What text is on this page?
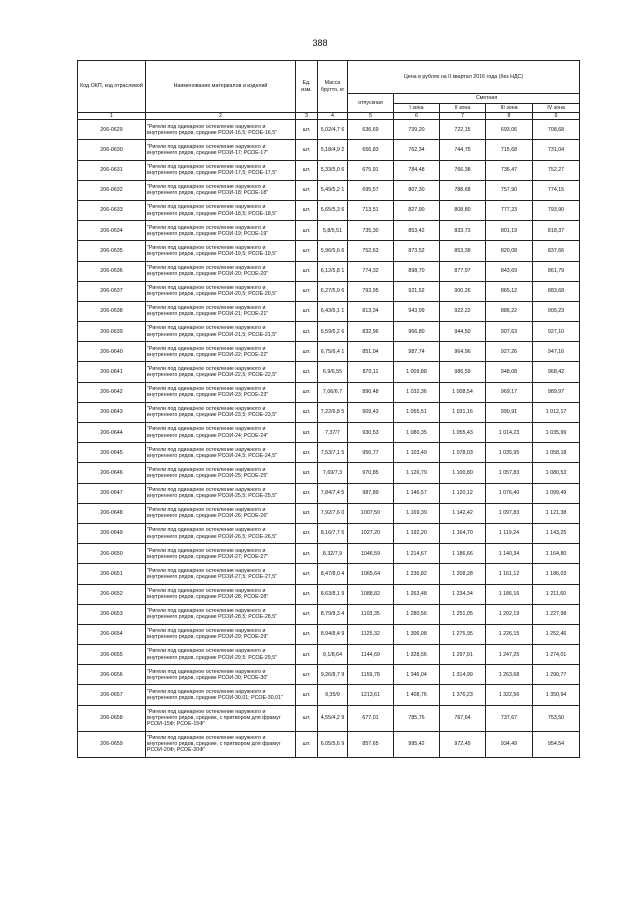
388
Код ОКП, код отраслевой	Наименование материалов и изделий	Ед. изм.	Масса брутто, кг	Цена в рублях на II квартал 2016 года (без НДС)				
				отпускная	Сметная			
					I зона	II зона	III зона	IV зона
1	2	3	4	5	6	7	8	9
206-0629	"Ригели под одинарное остекление наружного и внутреннего рядов, средние РСОИ-16,5; РСОЕ-16,5"	шт.	5,02/4,7 6	636,69	739,20	722,15	693,06	708,68
206-0630	"Ригели под одинарное остекление наружного и внутреннего рядов, средние РСОИ-17; РСОЕ-17"	шт.	5,18/4,9 2	656,83	762,34	744,75	715,68	731,04
206-0631	"Ригели под одинарное остекление наружного и внутреннего рядов, средние РСОИ-17,5; РСОЕ-17,5"	шт.	5,33/5,0 6	675,91	784,48	766,38	736,47	752,27
206-0632	"Ригели под одинарное остекление наружного и внутреннего рядов, средние РСОИ-18; РСОЕ-18"	шт.	5,49/5,2 1	695,57	807,30	788,68	757,90	774,15
206-0633	"Ригели под одинарное остекление наружного и внутреннего рядов, средние РСОИ-18,5; РСОЕ-18,5"	шт.	5,65/5,3 6	713,51	827,90	808,80	777,23	793,90
206-0634	"Ригели под одинарное остекление наружного и внутреннего рядов, средние РСОИ-19; РСОЕ-19"	шт.	5,8/5,51	735,30	853,42	833,73	801,19	818,37
206-0635	"Ригели под одинарное остекление наружного и внутреннего рядов, средние РСОИ-19,5; РСОЕ-19,5"	шт.	5,96/5,6 6	752,63	873,52	853,38	820,08	837,66
206-0636	"Ригели под одинарное остекление наружного и внутреннего рядов, средние РСОИ-20; РСОЕ-20"	шт.	6,12/5,8 1	774,32	898,70	877,97	843,69	861,79
206-0637	"Ригели под одинарное остекление наружного и внутреннего рядов, средние РСОИ-20,5; РСОЕ-20,5"	шт.	6,27/5,9 6	793,95	921,52	900,26	865,12	883,68
206-0638	"Ригели под одинарное остекление наружного и внутреннего рядов, средние РСОИ-21; РСОЕ-21"	шт.	6,43/6,1 1	813,34	943,99	922,22	886,22	905,23
206-0639	"Ригели под одинарное остекление наружного и внутреннего рядов, средние РСОИ-21,5; РСОЕ-21,5"	шт.	6,59/6,2 6	832,96	966,80	944,50	907,63	927,10
206-0640	"Ригели под одинарное остекление наружного и внутреннего рядов, средние РСОИ-22; РСОЕ-22"	шт.	6,75/6,4 1	851,04	987,74	964,96	927,26	947,16
206-0641	"Ригели под одинарное остекление наружного и внутреннего рядов, средние РСОИ-22,5; РСОЕ-22,5"	шт.	6,9/6,55	870,11	1 009,88	986,59	948,08	968,42
206-0642	"Ригели под одинарное остекление наружного и внутреннего рядов, средние РСОИ-23; РСОЕ-23"	шт.	7,06/6,7	890,48	1 032,36	1 008,54	969,17	989,97
206-0643	"Ригели под одинарное остекление наружного и внутреннего рядов, средние РСОИ-23,5; РСОЕ-23,5"	шт.	7,22/6,8 5	909,43	1 055,51	1 031,16	990,91	1 012,17
206-0644	"Ригели под одинарное остекление наружного и внутреннего рядов, средние РСОИ-24; РСОЕ-24"	шт.	7,37/7	930,53	1 080,35	1 055,43	1 014,23	1 035,99
206-0645	"Ригели под одинарное остекление наружного и внутреннего рядов, средние РСОИ-24,5; РСОЕ-24,5"	шт.	7,53/7,1 5	950,77	1 103,49	1 078,03	1 035,95	1 058,18
206-0646	"Ригели под одинарное остекление наружного и внутреннего рядов, средние РСОИ-25; РСОЕ-25"	шт.	7,69/7,3	970,85	1 126,79	1 100,80	1 057,83	1 080,53
206-0647	"Ригели под одинарное остекление наружного и внутреннего рядов, средние РСОИ-25,5; РСОЕ-25,5"	шт.	7,84/7,4 5	987,89	1 146,57	1 120,12	1 076,40	1 099,49
206-0648	"Ригели под одинарное остекление наружного и внутреннего рядов, средние РСОИ-26; РСОЕ-26"	шт.	7,92/7,6 0	1007,50	1 169,39	1 142,42	1 097,83	1 121,38
206-0649	"Ригели под одинарное остекление наружного и внутреннего рядов, средние РСОИ-26,5; РСОЕ-26,5"	шт.	8,16/7,7 5	1027,20	1 192,20	1 164,70	1 119,24	1 143,25
206-0650	"Ригели под одинарное остекление наружного и внутреннего рядов, средние РСОИ-27; РСОЕ-27"	шт.	8,32/7,9	1046,59	1 214,67	1 186,66	1 140,34	1 164,80
206-0651	"Ригели под одинарное остекление наружного и внутреннего рядов, средние РСОИ-27,5; РСОЕ-27,5"	шт.	8,47/8,0 4	1065,64	1 236,82	1 208,28	1 161,12	1 186,03
206-0652	"Ригели под одинарное остекление наружного и внутреннего рядов, средние РСОИ-28; РСОЕ-28"	шт.	8,63/8,1 9	1088,82	1 263,48	1 234,34	1 186,16	1 211,60
206-0653	"Ригели под одинарное остекление наружного и внутреннего рядов, средние РСОИ-28,5; РСОЕ-28,5"	шт.	8,79/8,3 4	1103,35	1 280,56	1 251,05	1 202,19	1 227,98
206-0654	"Ригели под одинарное остекление наружного и внутреннего рядов, средние РСОИ-29; РСОЕ-29"	шт.	8,94/8,4 9	1125,32	1 306,08	1 275,95	1 226,15	1 252,46
206-0655	"Ригели под одинарное остекление наружного и внутреннего рядов, средние РСОИ-29,5; РСОЕ-29,5"	шт.	9,1/8,64	1144,69	1 328,56	1 297,91	1 247,25	1 274,01
206-0656	"Ригели под одинарное остекление наружного и внутреннего рядов, средние РСОИ-30; РСОЕ-30"	шт.	9,26/8,7 9	1159,78	1 346,04	1 314,99	1 263,68	1 290,77
206-0657	"Ригели под одинарное остекление наружного и внутреннего рядов, средние РСОИ-30,01; РСОЕ-30,01"	шт.	9,35/9	1213,61	1 408,76	1 376,23	1 322,56	1 350,94
206-0658	"Ригели под одинарное остекление наружного и внутреннего рядов, средние, с притвором для фрамуг РСОИ-15Ф; РСОЕ-15Ф"	шт.	4,55/4,2 9	677,01	785,76	767,64	737,67	753,50
206-0659	"Ригели под одинарное остекление наружного и внутреннего рядов, средние, с притвором для фрамуг РСОИ-20Ф; РСОЕ-20Ф"	шт.	6,05/5,6 9	857,65	995,42	972,45	934,49	954,54
